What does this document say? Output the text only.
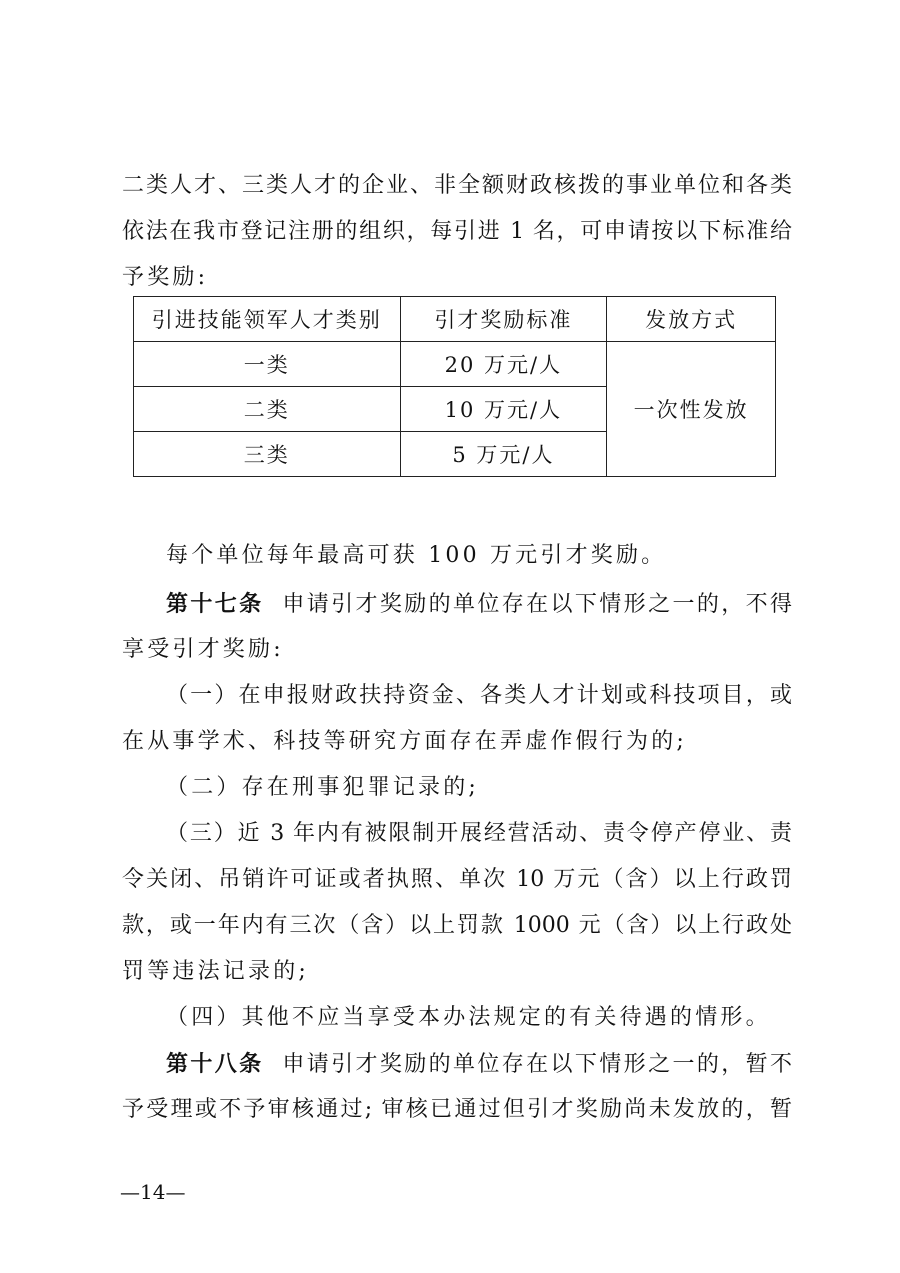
二类人才、三类人才的企业、非全额财政核拨的事业单位和各类
依法在我市登记注册的组织，每引进 1 名，可申请按以下标准给
予奖励:
引进技能领军人才类别	引才奖励标准	发放方式
一类	20 万元/人	一次性发放
二类	10 万元/人	
三类	5 万元/人	
每个单位每年最高可获 100 万元引才奖励。
第十七条 申请引才奖励的单位存在以下情形之一的，不得
享受引才奖励:
（一）在申报财政扶持资金、各类人才计划或科技项目，或
在从事学术、科技等研究方面存在弄虚作假行为的;
（二）存在刑事犯罪记录的;
（三）近 3 年内有被限制开展经营活动、责令停产停业、责
令关闭、吊销许可证或者执照、单次 10 万元（含）以上行政罚
款，或一年内有三次（含）以上罚款 1000 元（含）以上行政处
罚等违法记录的;
（四）其他不应当享受本办法规定的有关待遇的情形。
第十八条 申请引才奖励的单位存在以下情形之一的，暂不
予受理或不予审核通过; 审核已通过但引才奖励尚未发放的，暂
—14—
